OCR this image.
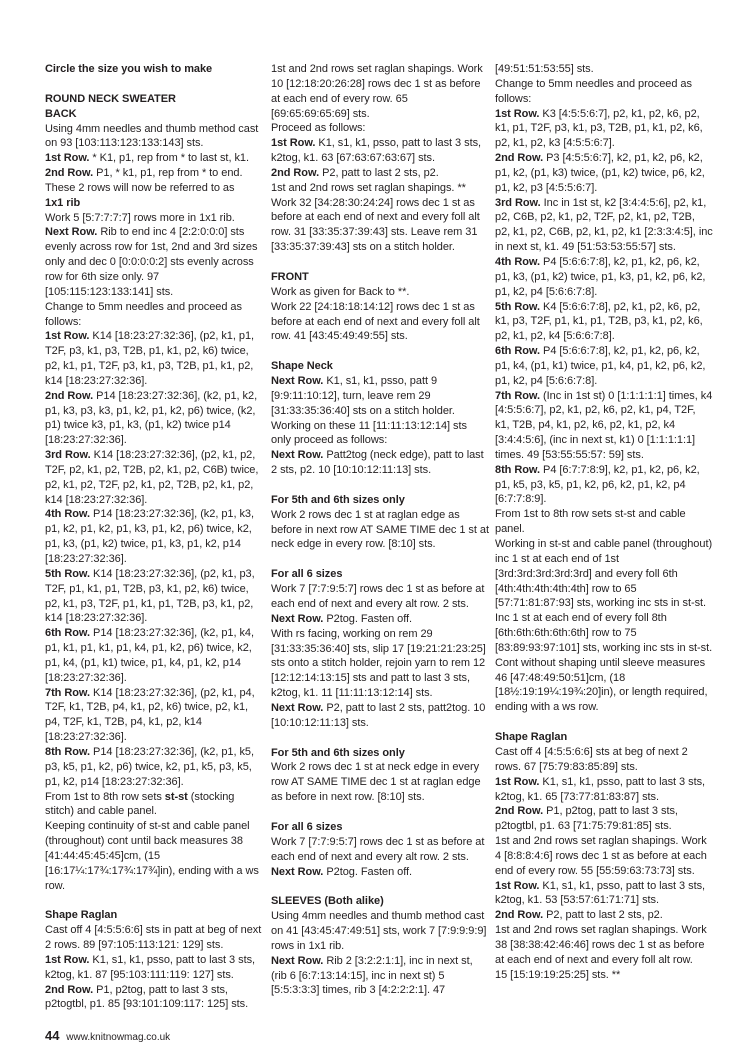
Circle the size you wish to make

ROUND NECK SWEATER

BACK

Using 4mm needles and thumb method cast on 93 [103:113:123:133:143] sts.

1st Row. * K1, p1, rep from * to last st, k1.

2nd Row. P1, * k1, p1, rep from * to end.

These 2 rows will now be referred to as

1x1 rib

Work 5 [5:7:7:7:7] rows more in 1x1 rib.

Next Row. Rib to end inc 4 [2:2:0:0:0] sts evenly across row for 1st, 2nd and 3rd sizes only and dec 0 [0:0:0:0:2] sts evenly across row for 6th size only. 97 [105:115:123:133:141] sts.

Change to 5mm needles and proceed as follows:

1st Row. K14 [18:23:27:32:36], (p2, k1, p1, T2F, p3, k1, p3, T2B, p1, k1, p2, k6) twice, p2, k1, p1, T2F, p3, k1, p3, T2B, p1, k1, p2, k14 [18:23:27:32:36].

2nd Row. P14 [18:23:27:32:36], (k2, p1, k2, p1, k3, p3, k3, p1, k2, p1, k2, p6) twice, (k2, p1) twice k3, p1, k3, (p1, k2) twice p14 [18:23:27:32:36].

3rd Row. K14 [18:23:27:32:36], (p2, k1, p2, T2F, p2, k1, p2, T2B, p2, k1, p2, C6B) twice, p2, k1, p2, T2F, p2, k1, p2, T2B, p2, k1, p2, k14 [18:23:27:32:36].

4th Row. P14 [18:23:27:32:36], (k2, p1, k3, p1, k2, p1, k2, p1, k3, p1, k2, p6) twice, k2, p1, k3, (p1, k2) twice, p1, k3, p1, k2, p14 [18:23:27:32:36].

5th Row. K14 [18:23:27:32:36], (p2, k1, p3, T2F, p1, k1, p1, T2B, p3, k1, p2, k6) twice, p2, k1, p3, T2F, p1, k1, p1, T2B, p3, k1, p2, k14 [18:23:27:32:36].

6th Row. P14 [18:23:27:32:36], (k2, p1, k4, p1, k1, p1, k1, p1, k4, p1, k2, p6) twice, k2, p1, k4, (p1, k1) twice, p1, k4, p1, k2, p14 [18:23:27:32:36].

7th Row. K14 [18:23:27:32:36], (p2, k1, p4, T2F, k1, T2B, p4, k1, p2, k6) twice, p2, k1, p4, T2F, k1, T2B, p4, k1, p2, k14 [18:23:27:32:36].

8th Row. P14 [18:23:27:32:36], (k2, p1, k5, p3, k5, p1, k2, p6) twice, k2, p1, k5, p3, k5, p1, k2, p14 [18:23:27:32:36].

From 1st to 8th row sets st-st (stocking stitch) and cable panel.

Keeping continuity of st-st and cable panel (throughout) cont until back measures 38 [41:44:45:45:45]cm, (15 [16:17¼:17¾:17¾:17¾]in), ending with a ws row.

Shape Raglan

Cast off 4 [4:5:5:6:6] sts in patt at beg of next 2 rows. 89 [97:105:113:121: 129] sts.

1st Row. K1, s1, k1, psso, patt to last 3 sts, k2tog, k1. 87 [95:103:111:119: 127] sts.

2nd Row. P1, p2tog, patt to last 3 sts, p2togtbl, p1. 85 [93:101:109:117: 125] sts.

1st and 2nd rows set raglan shapings. Work 10 [12:18:20:26:28] rows dec 1 st as before at each end of every row. 65 [69:65:69:65:69] sts.

Proceed as follows:

1st Row. K1, s1, k1, psso, patt to last 3 sts, k2tog, k1. 63 [67:63:67:63:67] sts.

2nd Row. P2, patt to last 2 sts, p2.

1st and 2nd rows set raglan shapings. ** Work 32 [34:28:30:24:24] rows dec 1 st as before at each end of next and every foll alt row. 31 [33:35:37:39:43] sts. Leave rem 31 [33:35:37:39:43] sts on a stitch holder.

FRONT

Work as given for Back to **.

Work 22 [24:18:18:14:12] rows dec 1 st as before at each end of next and every foll alt row. 41 [43:45:49:49:55] sts.

Shape Neck

Next Row. K1, s1, k1, psso, patt 9 [9:9:11:10:12], turn, leave rem 29 [31:33:35:36:40] sts on a stitch holder. Working on these 11 [11:11:13:12:14] sts only proceed as follows:

Next Row. Patt2tog (neck edge), patt to last 2 sts, p2. 10 [10:10:12:11:13] sts.

For 5th and 6th sizes only

Work 2 rows dec 1 st at raglan edge as before in next row AT SAME TIME dec 1 st at neck edge in every row. [8:10] sts.

For all 6 sizes

Work 7 [7:7:9:5:7] rows dec 1 st as before at each end of next and every alt row. 2 sts.

Next Row. P2tog. Fasten off.

With rs facing, working on rem 29 [31:33:35:36:40] sts, slip 17 [19:21:21:23:25] sts onto a stitch holder, rejoin yarn to rem 12 [12:12:14:13:15] sts and patt to last 3 sts, k2tog, k1. 11 [11:11:13:12:14] sts.

Next Row. P2, patt to last 2 sts, patt2tog. 10 [10:10:12:11:13] sts.

For 5th and 6th sizes only

Work 2 rows dec 1 st at neck edge in every row AT SAME TIME dec 1 st at raglan edge as before in next row. [8:10] sts.

For all 6 sizes

Work 7 [7:7:9:5:7] rows dec 1 st as before at each end of next and every alt row. 2 sts.

Next Row. P2tog. Fasten off.

SLEEVES (Both alike)

Using 4mm needles and thumb method cast on 41 [43:45:47:49:51] sts, work 7 [7:9:9:9:9] rows in 1x1 rib.

Next Row. Rib 2 [3:2:2:1:1], inc in next st, (rib 6 [6:7:13:14:15], inc in next st) 5 [5:5:3:3:3] times, rib 3 [4:2:2:2:1]. 47

[49:51:51:53:55] sts.

Change to 5mm needles and proceed as follows:

1st Row. K3 [4:5:5:6:7], p2, k1, p2, k6, p2, k1, p1, T2F, p3, k1, p3, T2B, p1, k1, p2, k6, p2, k1, p2, k3 [4:5:5:6:7].

2nd Row. P3 [4:5:5:6:7], k2, p1, k2, p6, k2, p1, k2, (p1, k3) twice, (p1, k2) twice, p6, k2, p1, k2, p3 [4:5:5:6:7].

3rd Row. Inc in 1st st, k2 [3:4:4:5:6], p2, k1, p2, C6B, p2, k1, p2, T2F, p2, k1, p2, T2B, p2, k1, p2, C6B, p2, k1, p2, k1 [2:3:3:4:5], inc in next st, k1. 49 [51:53:53:55:57] sts.

4th Row. P4 [5:6:6:7:8], k2, p1, k2, p6, k2, p1, k3, (p1, k2) twice, p1, k3, p1, k2, p6, k2, p1, k2, p4 [5:6:6:7:8].

5th Row. K4 [5:6:6:7:8], p2, k1, p2, k6, p2, k1, p3, T2F, p1, k1, p1, T2B, p3, k1, p2, k6, p2, k1, p2, k4 [5:6:6:7:8].

6th Row. P4 [5:6:6:7:8], k2, p1, k2, p6, k2, p1, k4, (p1, k1) twice, p1, k4, p1, k2, p6, k2, p1, k2, p4 [5:6:6:7:8].

7th Row. (Inc in 1st st) 0 [1:1:1:1:1] times, k4 [4:5:5:6:7], p2, k1, p2, k6, p2, k1, p4, T2F, k1, T2B, p4, k1, p2, k6, p2, k1, p2, k4 [3:4:4:5:6], (inc in next st, k1) 0 [1:1:1:1:1] times. 49 [53:55:55:57: 59] sts.

8th Row. P4 [6:7:7:8:9], k2, p1, k2, p6, k2, p1, k5, p3, k5, p1, k2, p6, k2, p1, k2, p4 [6:7:7:8:9].

From 1st to 8th row sets st-st and cable panel.

Working in st-st and cable panel (throughout) inc 1 st at each end of 1st [3rd:3rd:3rd:3rd:3rd] and every foll 6th [4th:4th:4th:4th:4th] row to 65 [57:71:81:87:93] sts, working inc sts in st-st.

Inc 1 st at each end of every foll 8th [6th:6th:6th:6th:6th] row to 75 [83:89:93:97:101] sts, working inc sts in st-st.

Cont without shaping until sleeve measures 46 [47:48:49:50:51]cm, (18 [18½:19:19¼:19¾:20]in), or length required, ending with a ws row.

Shape Raglan

Cast off 4 [4:5:5:6:6] sts at beg of next 2 rows. 67 [75:79:83:85:89] sts.

1st Row. K1, s1, k1, psso, patt to last 3 sts, k2tog, k1. 65 [73:77:81:83:87] sts.

2nd Row. P1, p2tog, patt to last 3 sts, p2togtbl, p1. 63 [71:75:79:81:85] sts.

1st and 2nd rows set raglan shapings. Work 4 [8:8:8:4:6] rows dec 1 st as before at each end of every row. 55 [55:59:63:73:73] sts.

1st Row. K1, s1, k1, psso, patt to last 3 sts, k2tog, k1. 53 [53:57:61:71:71] sts.

2nd Row. P2, patt to last 2 sts, p2.

1st and 2nd rows set raglan shapings. Work 38 [38:38:42:46:46] rows dec 1 st as before at each end of next and every foll alt row.

15 [15:19:19:25:25] sts. **

44 www.knitnowmag.co.uk
